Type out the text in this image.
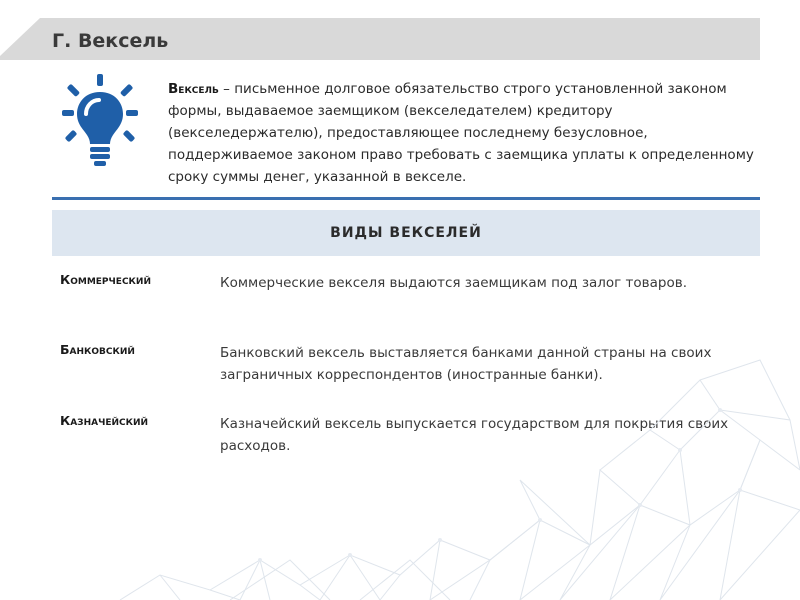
Г. Вексель
Вексель – письменное долговое обязательство строго установленной законом формы, выдаваемое заемщиком (векселедателем) кредитору (векселедержателю), предоставляющее последнему безусловное, поддерживаемое законом право требовать с заемщика уплаты к определенному сроку суммы денег, указанной в векселе.
ВИДЫ ВЕКСЕЛЕЙ
Коммерческий	Коммерческие векселя выдаются заемщикам под залог товаров.
Банковский	Банковский вексель выставляется банками данной страны на своих заграничных корреспондентов (иностранные банки).
Казначейский	Казначейский вексель выпускается государством для покрытия своих расходов.
